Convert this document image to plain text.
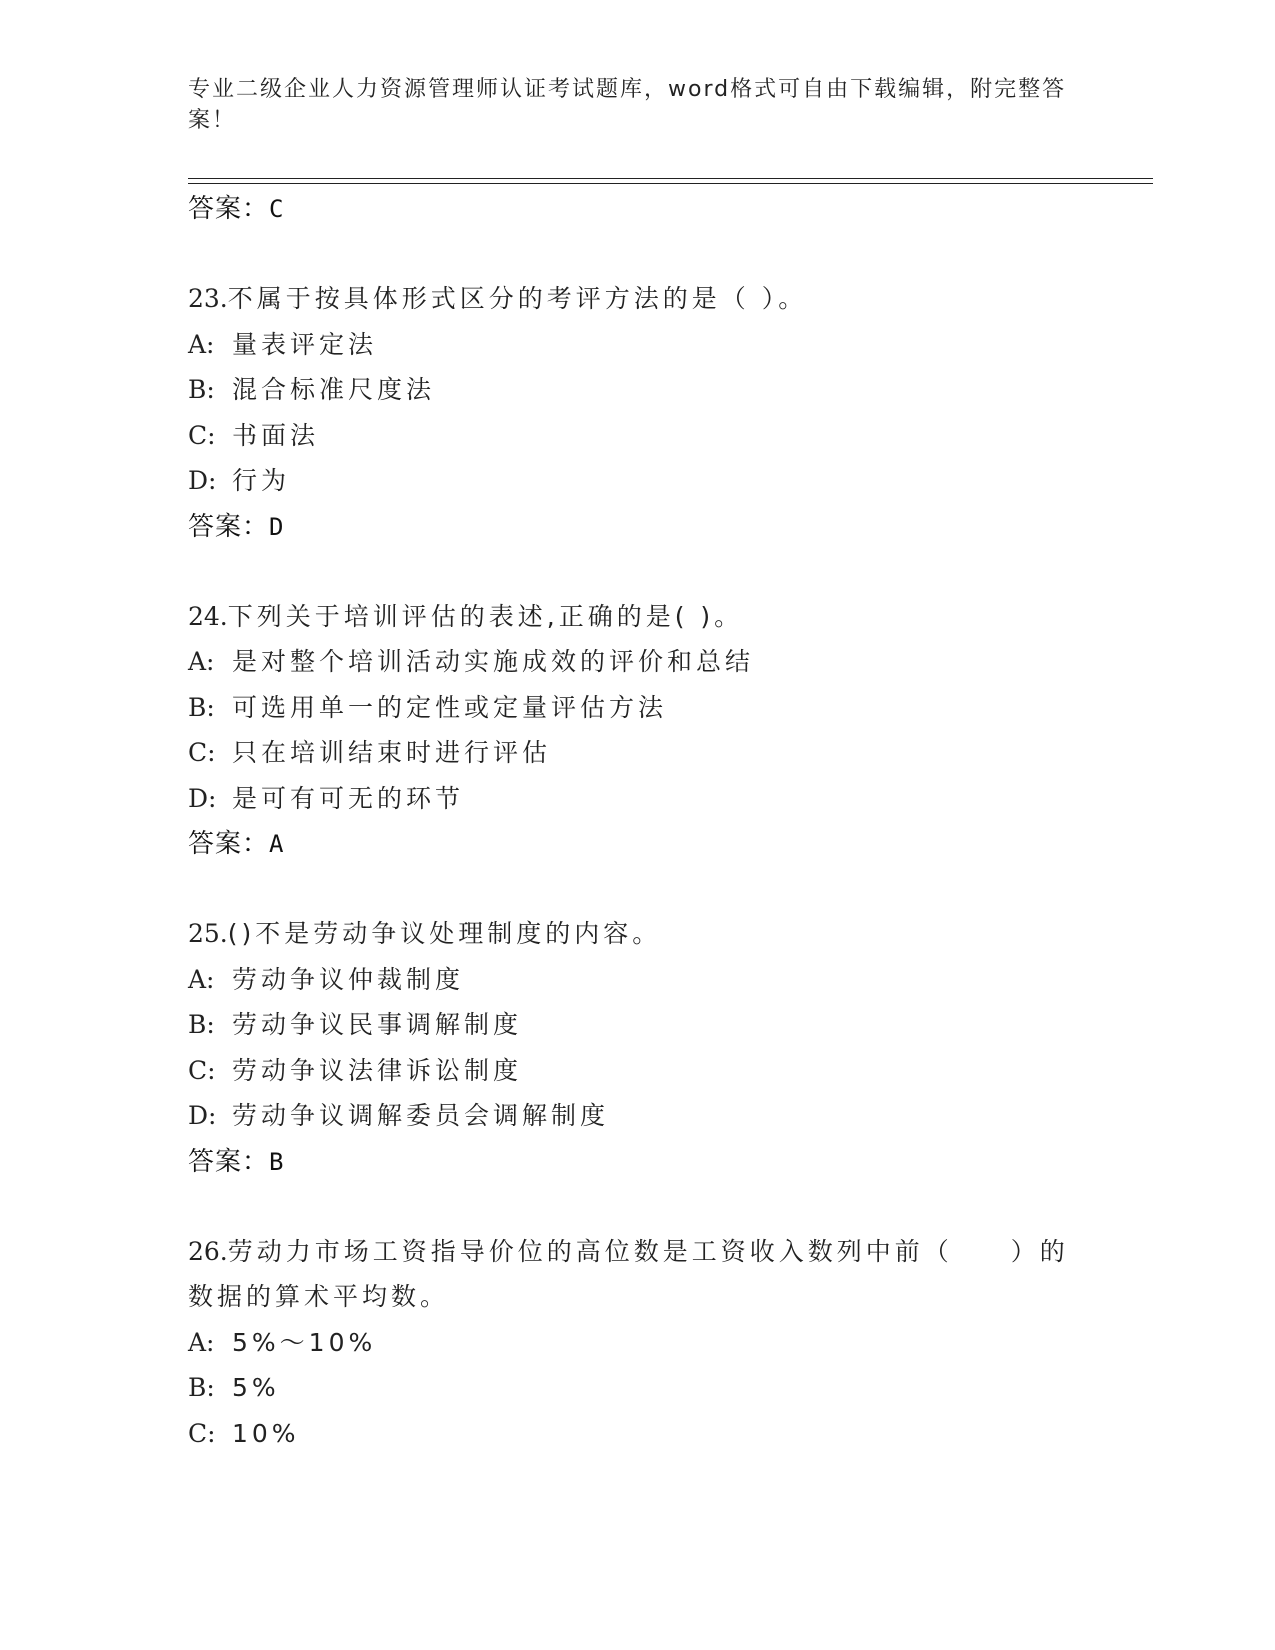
专业二级企业人力资源管理师认证考试题库，word格式可自由下载编辑，附完整答案！
答案：C
23.不属于按具体形式区分的考评方法的是（ ）。
A: 量表评定法
B: 混合标准尺度法
C: 书面法
D: 行为
答案：D
24.下列关于培训评估的表述,正确的是( )。
A: 是对整个培训活动实施成效的评价和总结
B: 可选用单一的定性或定量评估方法
C: 只在培训结束时进行评估
D: 是可有可无的环节
答案：A
25.()不是劳动争议处理制度的内容。
A: 劳动争议仲裁制度
B: 劳动争议民事调解制度
C: 劳动争议法律诉讼制度
D: 劳动争议调解委员会调解制度
答案：B
26.劳动力市场工资指导价位的高位数是工资收入数列中前（　　）的
数据的算术平均数。
A: 5%～10%
B: 5%
C: 10%
